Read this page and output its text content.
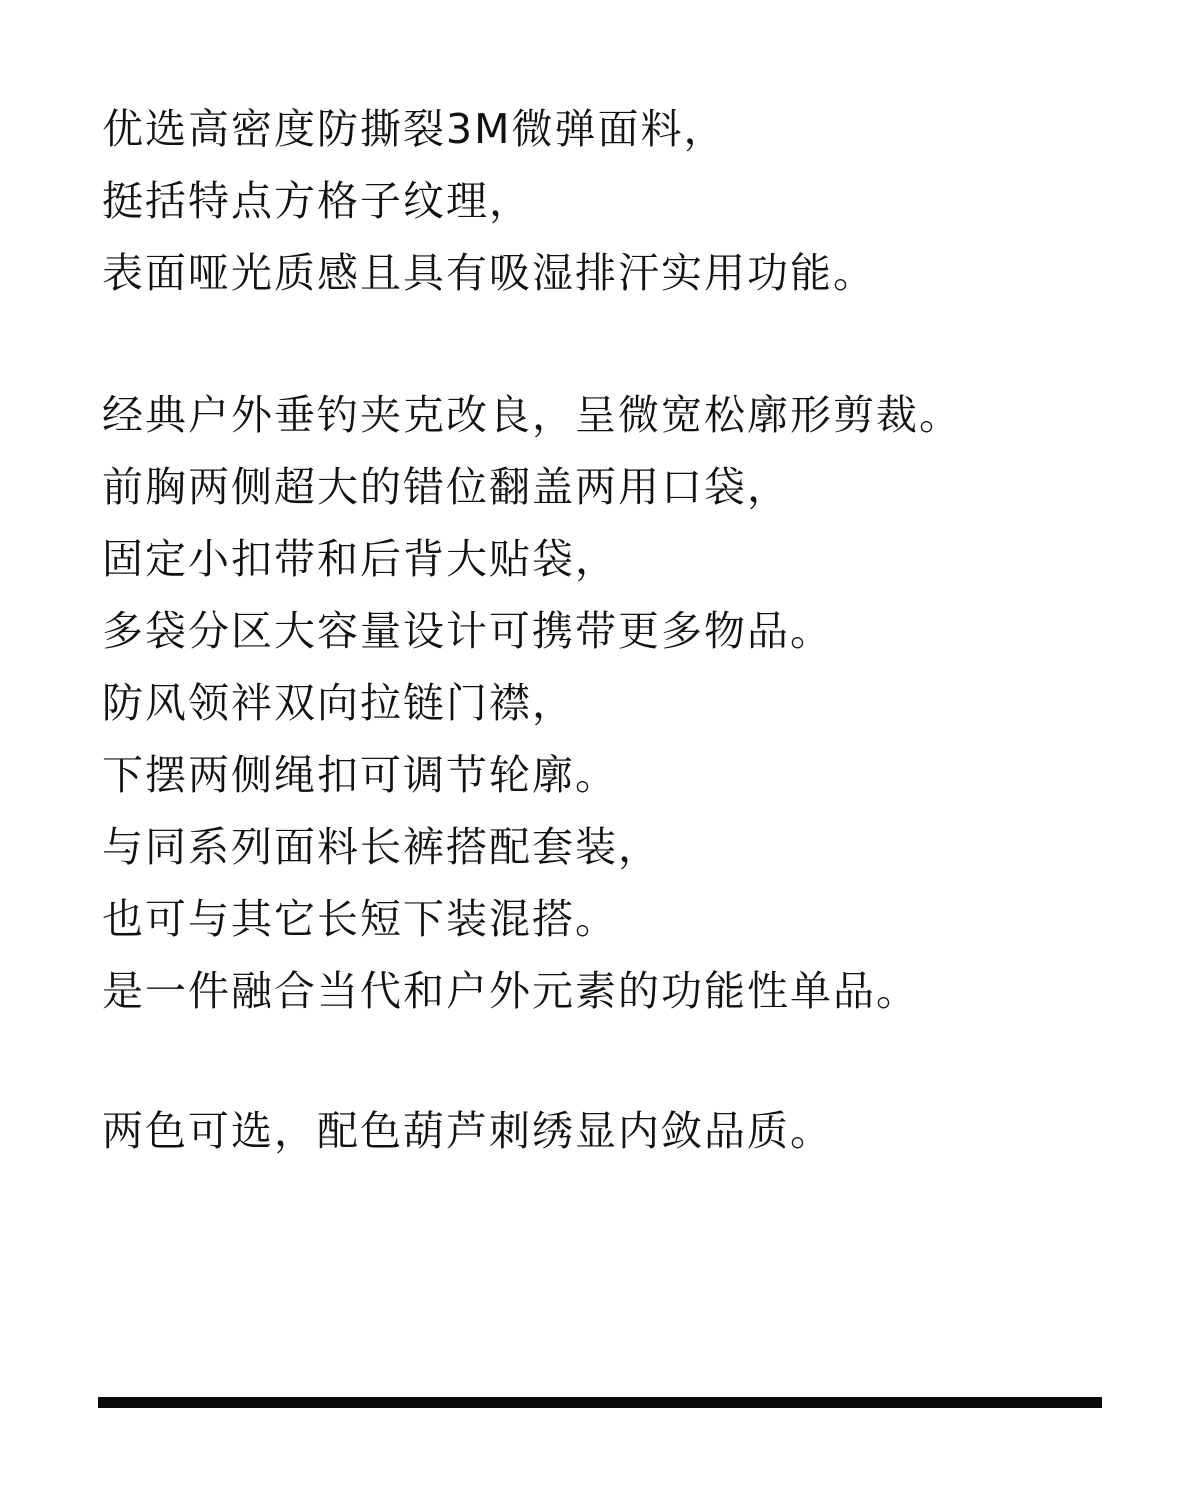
优选高密度防撕裂3M微弹面料，
挺括特点方格子纹理，
表面哑光质感且具有吸湿排汗实用功能。
经典户外垂钓夹克改良，呈微宽松廓形剪裁。
前胸两侧超大的错位翻盖两用口袋，
固定小扣带和后背大贴袋，
多袋分区大容量设计可携带更多物品。
防风领袢双向拉链门襟，
下摆两侧绳扣可调节轮廓。
与同系列面料长裤搭配套装，
也可与其它长短下装混搭。
是一件融合当代和户外元素的功能性单品。
两色可选，配色葫芦刺绣显内敛品质。
